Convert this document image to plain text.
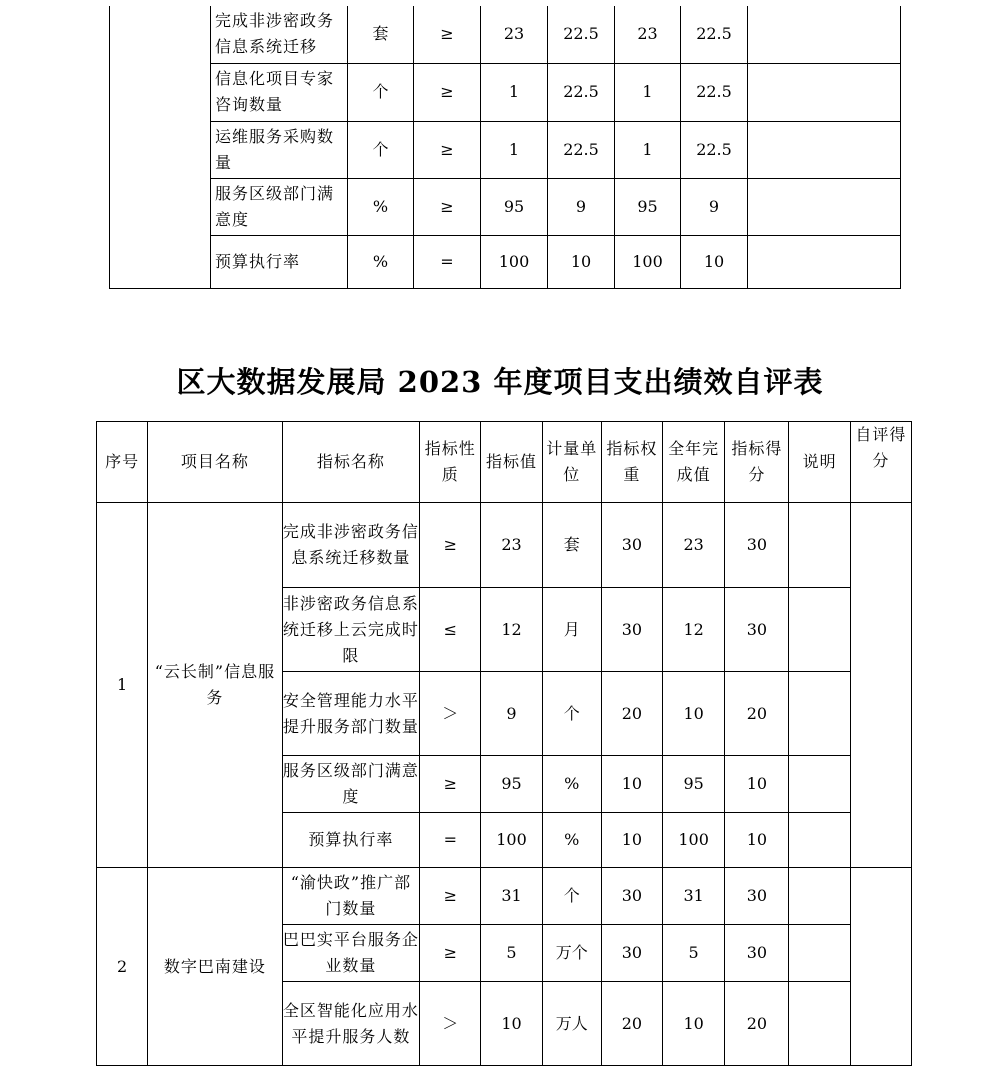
	完成非涉密政务信息系统迁移	套	≥	23	22.5	23	22.5	
	信息化项目专家咨询数量	个	≥	1	22.5	1	22.5	
	运维服务采购数量	个	≥	1	22.5	1	22.5	
	服务区级部门满意度	%	≥	95	9	95	9	
	预算执行率	%	=	100	10	100	10	
区大数据发展局 2023 年度项目支出绩效自评表
序号	项目名称	指标名称	指标性质	指标值	计量单位	指标权重	全年完成值	指标得分	说明	自评得分
1	“云长制”信息服务	完成非涉密政务信息系统迁移数量	≥	23	套	30	23	30		
		非涉密政务信息系统迁移上云完成时限	≤	12	月	30	12	30		
		安全管理能力水平提升服务部门数量	＞	9	个	20	10	20		
		服务区级部门满意度	≥	95	%	10	95	10		
		预算执行率	=	100	%	10	100	10		
2	数字巴南建设	“渝快政”推广部门数量	≥	31	个	30	31	30		
		巴巴实平台服务企业数量	≥	5	万个	30	5	30		
		全区智能化应用水平提升服务人数	＞	10	万人	20	10	20		
